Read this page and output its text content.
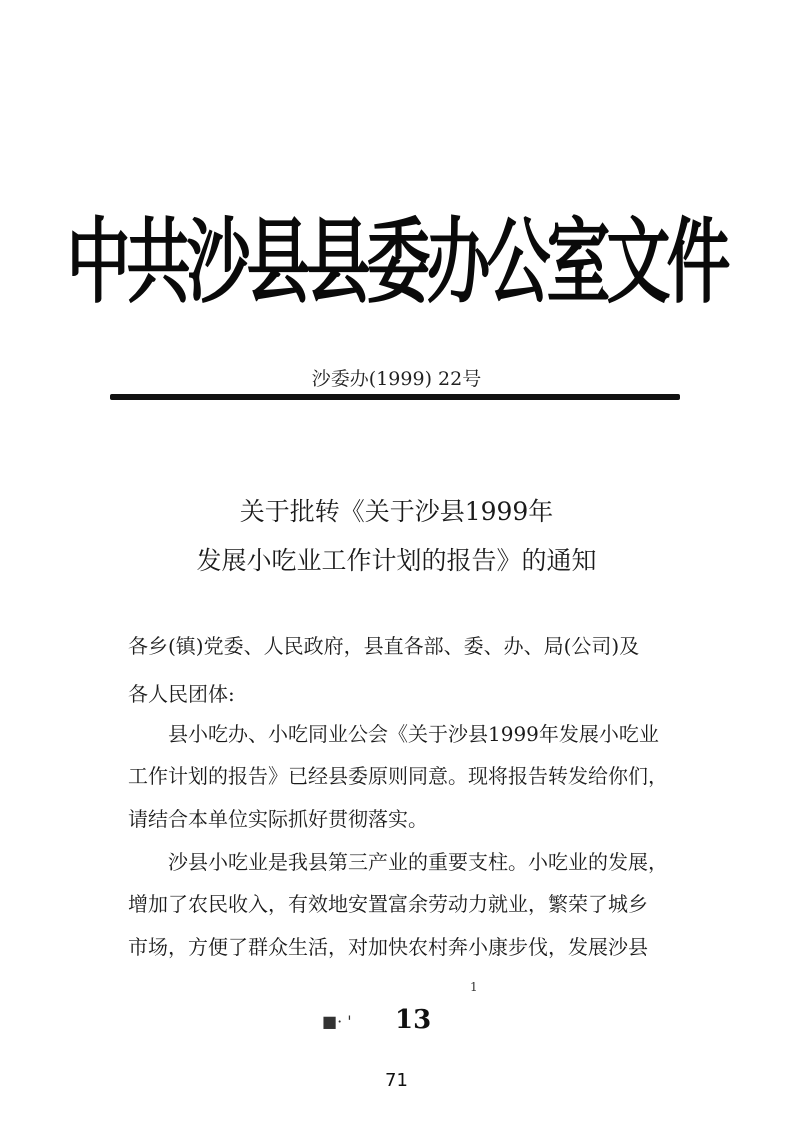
中共沙县县委办公室文件
沙委办(1999) 22号
关于批转《关于沙县1999年
发展小吃业工作计划的报告》的通知
各乡(镇)党委、人民政府，县直各部、委、办、局(公司)及
各人民团体:
　　县小吃办、小吃同业公会《关于沙县1999年发展小吃业
工作计划的报告》已经县委原则同意。现将报告转发给你们，
请结合本单位实际抓好贯彻落实。
　　沙县小吃业是我县第三产业的重要支柱。小吃业的发展，
增加了农民收入，有效地安置富余劳动力就业，繁荣了城乡
市场，方便了群众生活，对加快农村奔小康步伐，发展沙县
1
■· ' 13
71
